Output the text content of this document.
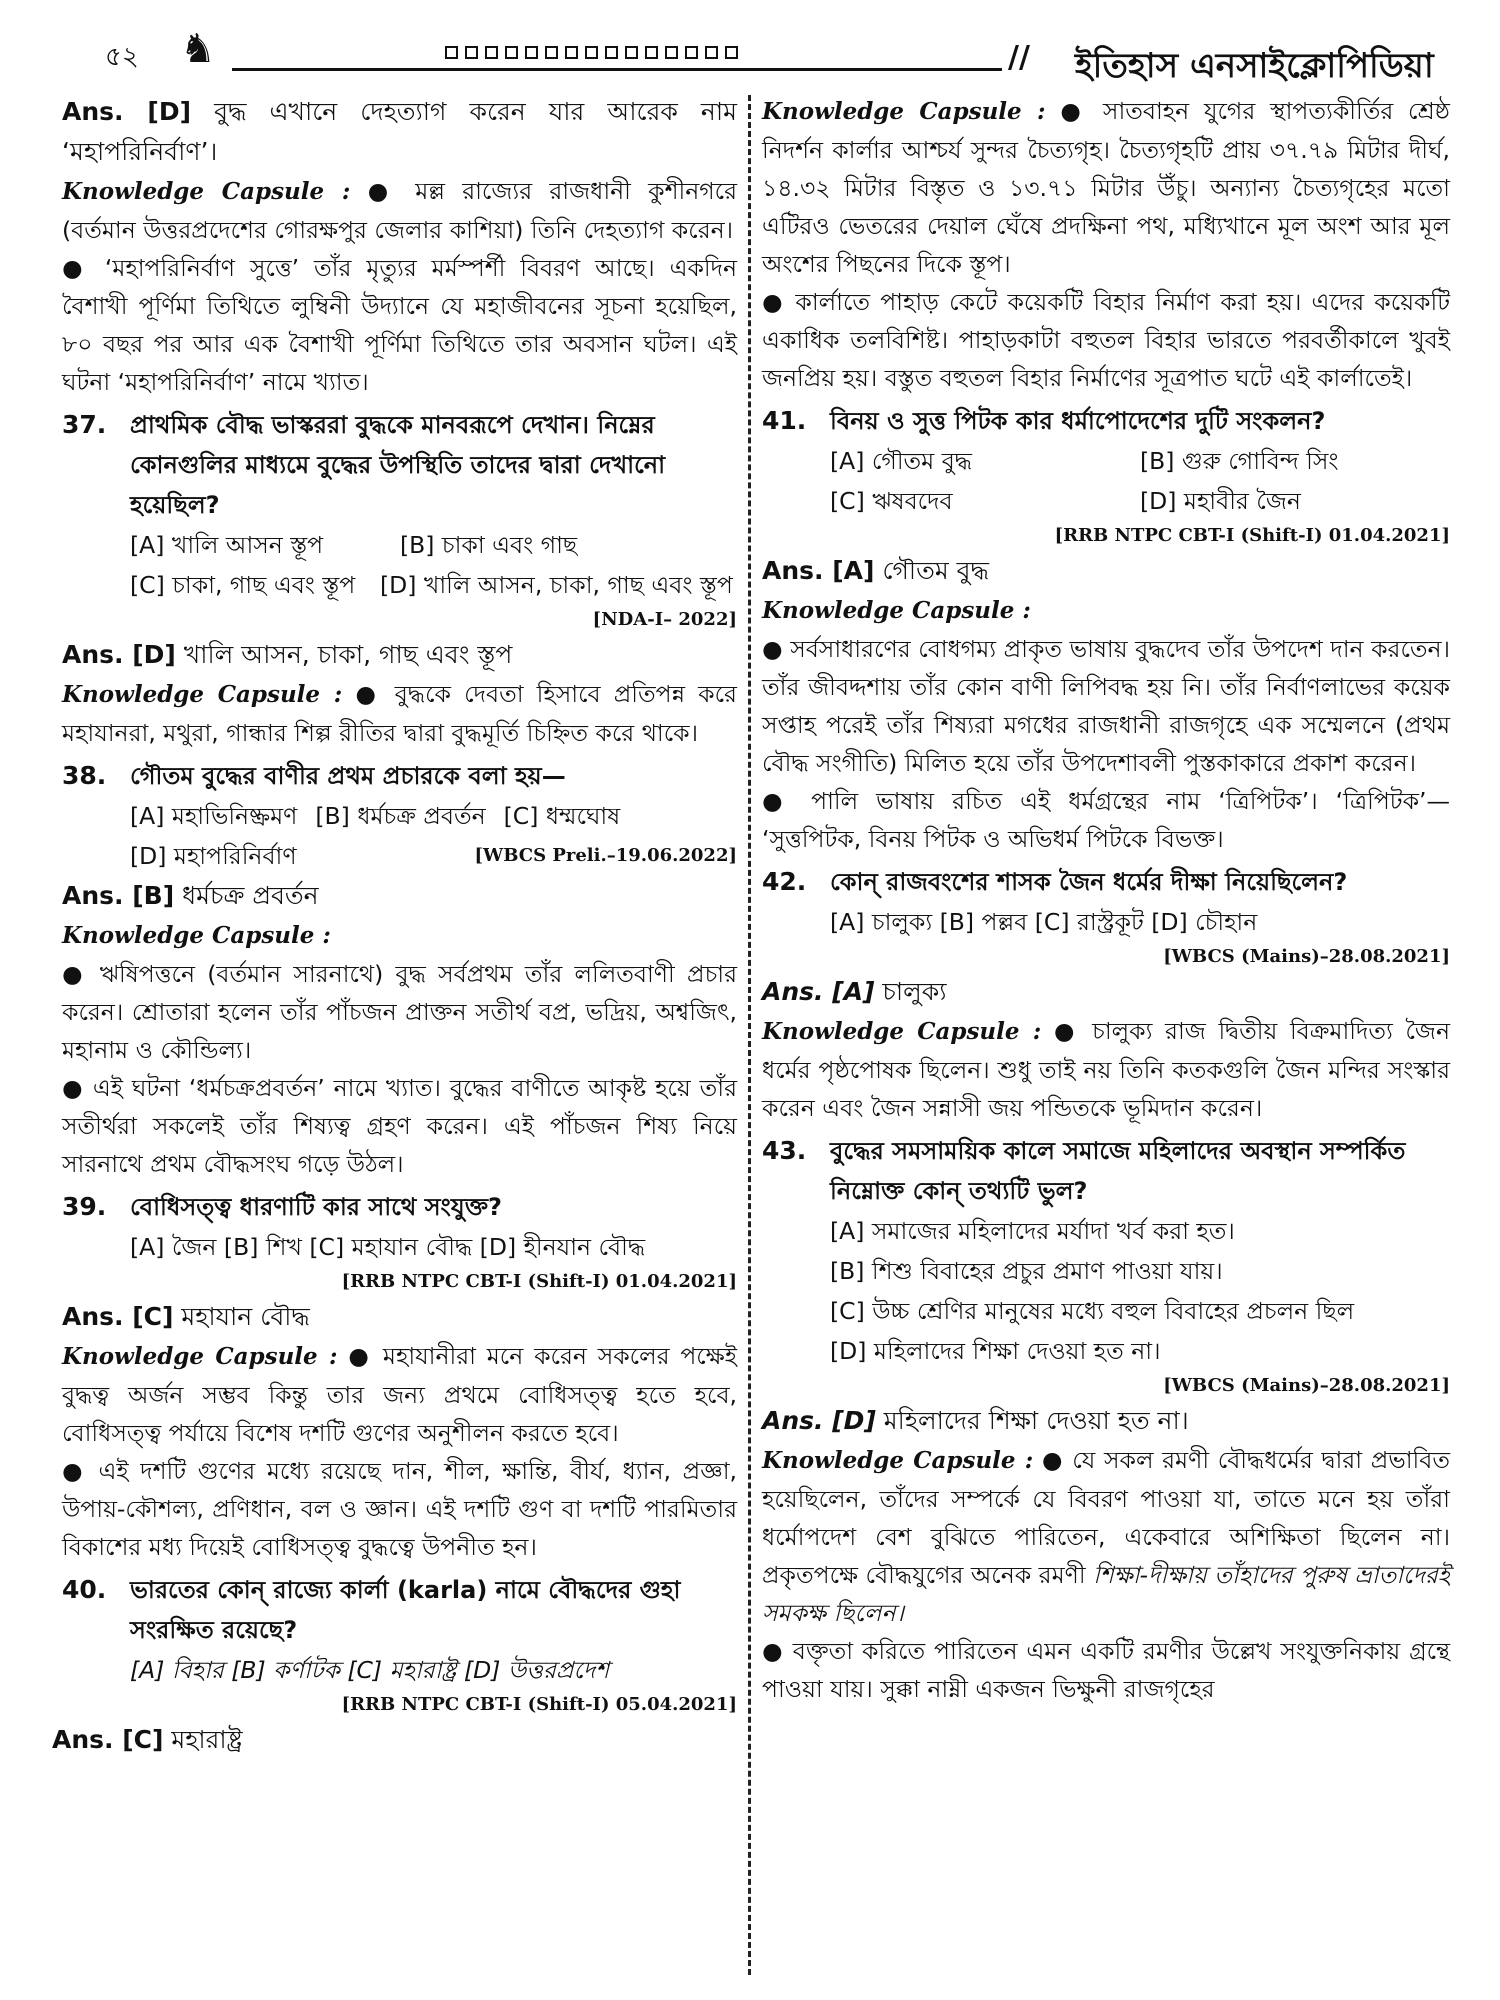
৫২ ♞	// ইতিহাস এনসাইক্লোপিডিয়া

Ans. [D] বুদ্ধ এখানে দেহত্যাগ করেন যার আরেক নাম ‘মহাপরিনির্বাণ’।

Knowledge Capsule : ●	মল্ল রাজ্যের রাজধানী কুশীনগরে (বর্তমান উত্তরপ্রদেশের গোরক্ষপুর জেলার কাশিয়া) তিনি দেহত্যাগ করেন।

● ‘মহাপরিনির্বাণ সুত্তে’ তাঁর মৃত্যুর মর্মস্পর্শী বিবরণ আছে। একদিন বৈশাখী পূর্ণিমা তিথিতে লুম্বিনী উদ্যানে যে মহাজীবনের সূচনা হয়েছিল, ৮০ বছর পর আর এক বৈশাখী পূর্ণিমা তিথিতে তার অবসান ঘটল। এই ঘটনা ‘মহাপরিনির্বাণ’ নামে খ্যাত।

37. প্রাথমিক বৌদ্ধ ভাস্কররা বুদ্ধকে মানবরূপে দেখান। নিম্নের কোনগুলির মাধ্যমে বুদ্ধের উপস্থিতি তাদের দ্বারা দেখানো হয়েছিল?
[A] খালি আসন স্তূপ	[B] চাকা এবং গাছ
[C] চাকা, গাছ এবং স্তূপ	[D] খালি আসন, চাকা, গাছ এবং স্তূপ
[NDA-I– 2022]

Ans. [D] খালি আসন, চাকা, গাছ এবং স্তূপ

Knowledge Capsule : ● বুদ্ধকে দেবতা হিসাবে প্রতিপন্ন করে মহাযানরা, মথুরা, গান্ধার শিল্প রীতির দ্বারা বুদ্ধমূর্তি চিহ্নিত করে থাকে।

38. গৌতম বুদ্ধের বাণীর প্রথম প্রচারকে বলা হয়—
[A] মহাভিনিষ্ক্রমণ [B] ধর্মচক্র প্রবর্তন [C] ধম্মঘোষ
[D] মহাপরিনির্বাণ	[WBCS Preli.–19.06.2022]

Ans. [B] ধর্মচক্র প্রবর্তন

Knowledge Capsule :

● ঋষিপত্তনে (বর্তমান সারনাথে) বুদ্ধ সর্বপ্রথম তাঁর ললিতবাণী প্রচার করেন। শ্রোতারা হলেন তাঁর পাঁচজন প্রাক্তন সতীর্থ বপ্র, ভদ্রিয়, অশ্বজিৎ, মহানাম ও কৌন্ডিল্য।

● এই ঘটনা ‘ধর্মচক্রপ্রবর্তন’ নামে খ্যাত। বুদ্ধের বাণীতে আকৃষ্ট হয়ে তাঁর সতীর্থরা সকলেই তাঁর শিষ্যত্ব গ্রহণ করেন। এই পাঁচজন শিষ্য নিয়ে সারনাথে প্রথম বৌদ্ধসংঘ গড়ে উঠল।

39. বোধিসত্ত্ব ধারণাটি কার সাথে সংযুক্ত?
[A] জৈন [B] শিখ [C] মহাযান বৌদ্ধ [D] হীনযান বৌদ্ধ
[RRB NTPC CBT-I (Shift-I) 01.04.2021]

Ans. [C] মহাযান বৌদ্ধ

Knowledge Capsule : ● মহাযানীরা মনে করেন সকলের পক্ষেই বুদ্ধত্ব অর্জন সম্ভব কিন্তু তার জন্য প্রথমে বোধিসত্ত্ব হতে হবে, বোধিসত্ত্ব পর্যায়ে বিশেষ দশটি গুণের অনুশীলন করতে হবে।

● এই দশটি গুণের মধ্যে রয়েছে দান, শীল, ক্ষান্তি, বীর্য, ধ্যান, প্রজ্ঞা, উপায়-কৌশল্য, প্রণিধান, বল ও জ্ঞান। এই দশটি গুণ বা দশটি পারমিতার বিকাশের মধ্য দিয়েই বোধিসত্ত্ব বুদ্ধত্বে উপনীত হন।

40. ভারতের কোন্ রাজ্যে কার্লা (karla) নামে বৌদ্ধদের গুহা সংরক্ষিত রয়েছে?
[A] বিহার [B] কর্ণাটক [C] মহারাষ্ট্র [D] উত্তরপ্রদেশ
[RRB NTPC CBT-I (Shift-I) 05.04.2021]

Ans. [C] মহারাষ্ট্র

Knowledge Capsule : ● সাতবাহন যুগের স্থাপত্যকীর্তির শ্রেষ্ঠ নিদর্শন কার্লার আশ্চর্য সুন্দর চৈত্যগৃহ। চৈত্যগৃহটি প্রায় ৩৭.৭৯ মিটার দীর্ঘ, ১৪.৩২ মিটার বিস্তৃত ও ১৩.৭১ মিটার উঁচু। অন্যান্য চৈত্যগৃহের মতো এটিরও ভেতরের দেয়াল ঘেঁষে প্রদক্ষিনা পথ, মধ্যিখানে মূল অংশ আর মূল অংশের পিছনের দিকে স্তূপ।

● কার্লাতে পাহাড় কেটে কয়েকটি বিহার নির্মাণ করা হয়। এদের কয়েকটি একাধিক তলবিশিষ্ট। পাহাড়কাটা বহুতল বিহার ভারতে পরবর্তীকালে খুবই জনপ্রিয় হয়। বস্তুত বহুতল বিহার নির্মাণের সূত্রপাত ঘটে এই কার্লাতেই।

41. বিনয় ও সুত্ত পিটক কার ধর্মাপোদেশের দুটি সংকলন?
[A] গৌতম বুদ্ধ	[B] গুরু গোবিন্দ সিং
[C] ঋষবদেব	[D] মহাবীর জৈন
[RRB NTPC CBT-I (Shift-I) 01.04.2021]

Ans. [A] গৌতম বুদ্ধ

Knowledge Capsule :

● সর্বসাধারণের বোধগম্য প্রাকৃত ভাষায় বুদ্ধদেব তাঁর উপদেশ দান করতেন। তাঁর জীবদ্দশায় তাঁর কোন বাণী লিপিবদ্ধ হয় নি। তাঁর নির্বাণলাভের কয়েক সপ্তাহ পরেই তাঁর শিষ্যরা মগধের রাজধানী রাজগৃহে এক সম্মেলনে (প্রথম বৌদ্ধ সংগীতি) মিলিত হয়ে তাঁর উপদেশাবলী পুস্তকাকারে প্রকাশ করেন।

● পালি ভাষায় রচিত এই ধর্মগ্রন্থের নাম ‘ত্রিপিটক’। ‘ত্রিপিটক’— ‘সুত্তপিটক, বিনয় পিটক ও অভিধর্ম পিটকে বিভক্ত।

42. কোন্ রাজবংশের শাসক জৈন ধর্মের দীক্ষা নিয়েছিলেন?
[A] চালুক্য [B] পল্লব [C] রাস্ট্রকূট [D] চৌহান
[WBCS (Mains)–28.08.2021]

Ans. [A] চালুক্য

Knowledge Capsule : ● চালুক্য রাজ দ্বিতীয় বিক্রমাদিত্য জৈন ধর্মের পৃষ্ঠপোষক ছিলেন। শুধু তাই নয় তিনি কতকগুলি জৈন মন্দির সংস্কার করেন এবং জৈন সন্নাসী জয় পন্ডিতকে ভূমিদান করেন।

43. বুদ্ধের সমসাময়িক কালে সমাজে মহিলাদের অবস্থান সম্পর্কিত নিম্নোক্ত কোন্ তথ্যটি ভুল?
[A] সমাজের মহিলাদের মর্যাদা খর্ব করা হত।
[B] শিশু বিবাহের প্রচুর প্রমাণ পাওয়া যায়।
[C] উচ্চ শ্রেণির মানুষের মধ্যে বহুল বিবাহের প্রচলন ছিল
[D] মহিলাদের শিক্ষা দেওয়া হত না।
[WBCS (Mains)–28.08.2021]

Ans. [D] মহিলাদের শিক্ষা দেওয়া হত না।

Knowledge Capsule : ● যে সকল রমণী বৌদ্ধধর্মের দ্বারা প্রভাবিত হয়েছিলেন, তাঁদের সম্পর্কে যে বিবরণ পাওয়া যা, তাতে মনে হয় তাঁরা ধর্মোপদেশ বেশ বুঝিতে পারিতেন, একেবারে অশিক্ষিতা ছিলেন না। প্রকৃতপক্ষে বৌদ্ধযুগের অনেক রমণী শিক্ষা-দীক্ষায় তাঁহাদের পুরুষ ভ্রাতাদেরই সমকক্ষ ছিলেন।

● বক্তৃতা করিতে পারিতেন এমন একটি রমণীর উল্লেখ সংযুক্তনিকায় গ্রন্থে পাওয়া যায়। সুক্কা নাম্নী একজন ভিক্ষুনী রাজগৃহের
